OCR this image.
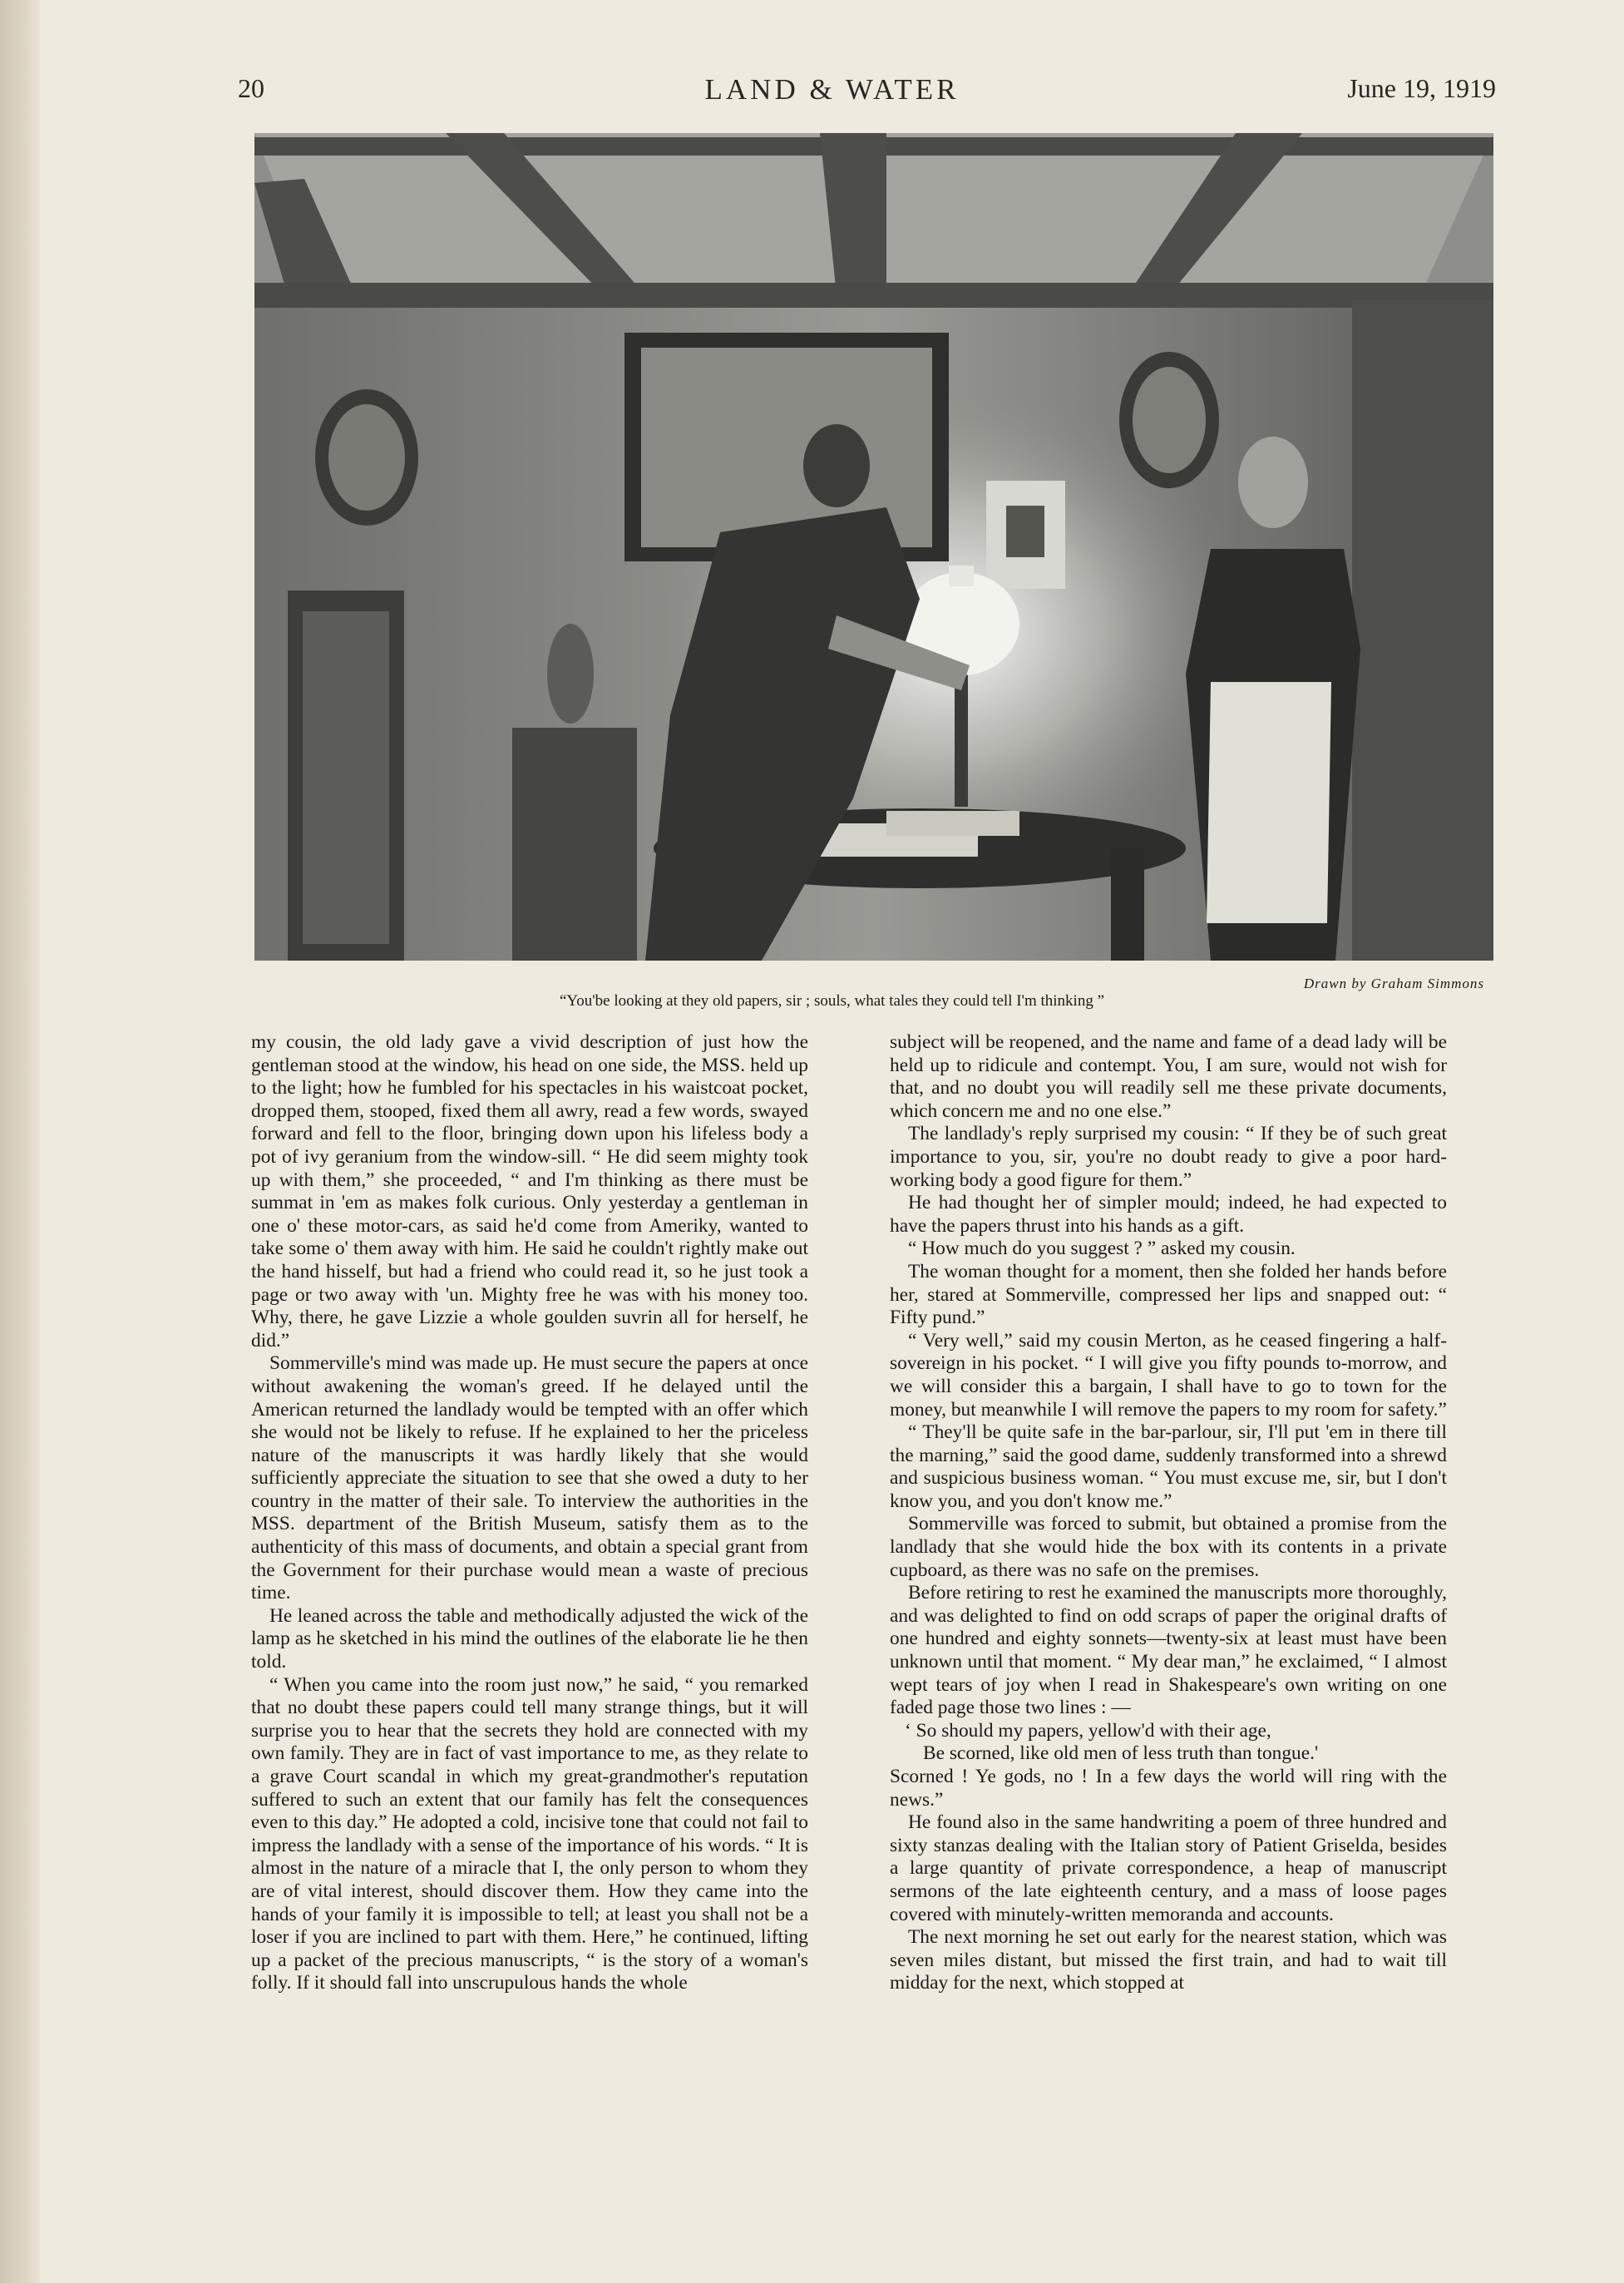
20	LAND & WATER	June 19, 1919
Drawn by Graham Simmons
“You'be looking at they old papers, sir ; souls, what tales they could tell I'm thinking ”

my cousin, the old lady gave a vivid description of just how the gentleman stood at the window, his head on one side, the MSS. held up to the light; how he fumbled for his spectacles in his waistcoat pocket, dropped them, stooped, fixed them all awry, read a few words, swayed forward and fell to the floor, bringing down upon his lifeless body a pot of ivy geranium from the window-sill. “ He did seem mighty took up with them,” she proceeded, “ and I'm thinking as there must be summat in 'em as makes folk curious. Only yesterday a gentleman in one o' these motor-cars, as said he'd come from Ameriky, wanted to take some o' them away with him. He said he couldn't rightly make out the hand hisself, but had a friend who could read it, so he just took a page or two away with 'un. Mighty free he was with his money too. Why, there, he gave Lizzie a whole goulden suvrin all for herself, he did.”

Sommerville's mind was made up. He must secure the papers at once without awakening the woman's greed. If he delayed until the American returned the landlady would be tempted with an offer which she would not be likely to refuse. If he explained to her the priceless nature of the manuscripts it was hardly likely that she would sufficiently appreciate the situation to see that she owed a duty to her country in the matter of their sale. To interview the authorities in the MSS. department of the British Museum, satisfy them as to the authenticity of this mass of documents, and obtain a special grant from the Government for their purchase would mean a waste of precious time.

He leaned across the table and methodically adjusted the wick of the lamp as he sketched in his mind the outlines of the elaborate lie he then told.

“ When you came into the room just now,” he said, “ you remarked that no doubt these papers could tell many strange things, but it will surprise you to hear that the secrets they hold are connected with my own family. They are in fact of vast importance to me, as they relate to a grave Court scandal in which my great-grandmother's reputation suffered to such an extent that our family has felt the consequences even to this day.” He adopted a cold, incisive tone that could not fail to impress the landlady with a sense of the importance of his words. “ It is almost in the nature of a miracle that I, the only person to whom they are of vital interest, should discover them. How they came into the hands of your family it is impossible to tell; at least you shall not be a loser if you are inclined to part with them. Here,” he continued, lifting up a packet of the precious manuscripts, “ is the story of a woman's folly. If it should fall into unscrupulous hands the whole

subject will be reopened, and the name and fame of a dead lady will be held up to ridicule and contempt. You, I am sure, would not wish for that, and no doubt you will readily sell me these private documents, which concern me and no one else.”

The landlady's reply surprised my cousin: “ If they be of such great importance to you, sir, you're no doubt ready to give a poor hard-working body a good figure for them.”

He had thought her of simpler mould; indeed, he had expected to have the papers thrust into his hands as a gift.

“ How much do you suggest ? ” asked my cousin.

The woman thought for a moment, then she folded her hands before her, stared at Sommerville, compressed her lips and snapped out: “ Fifty pund.”

“ Very well,” said my cousin Merton, as he ceased fingering a half-sovereign in his pocket. “ I will give you fifty pounds to-morrow, and we will consider this a bargain, I shall have to go to town for the money, but meanwhile I will remove the papers to my room for safety.”

“ They'll be quite safe in the bar-parlour, sir, I'll put 'em in there till the marning,” said the good dame, suddenly transformed into a shrewd and suspicious business woman. “ You must excuse me, sir, but I don't know you, and you don't know me.”

Sommerville was forced to submit, but obtained a promise from the landlady that she would hide the box with its contents in a private cupboard, as there was no safe on the premises.

Before retiring to rest he examined the manuscripts more thoroughly, and was delighted to find on odd scraps of paper the original drafts of one hundred and eighty sonnets—twenty-six at least must have been unknown until that moment. “ My dear man,” he exclaimed, “ I almost wept tears of joy when I read in Shakespeare's own writing on one faded page those two lines : —

‘ So should my papers, yellow'd with their age,

Be scorned, like old men of less truth than tongue.'

Scorned ! Ye gods, no ! In a few days the world will ring with the news.”

He found also in the same handwriting a poem of three hundred and sixty stanzas dealing with the Italian story of Patient Griselda, besides a large quantity of private correspondence, a heap of manuscript sermons of the late eighteenth century, and a mass of loose pages covered with minutely-written memoranda and accounts.

The next morning he set out early for the nearest station, which was seven miles distant, but missed the first train, and had to wait till midday for the next, which stopped at
